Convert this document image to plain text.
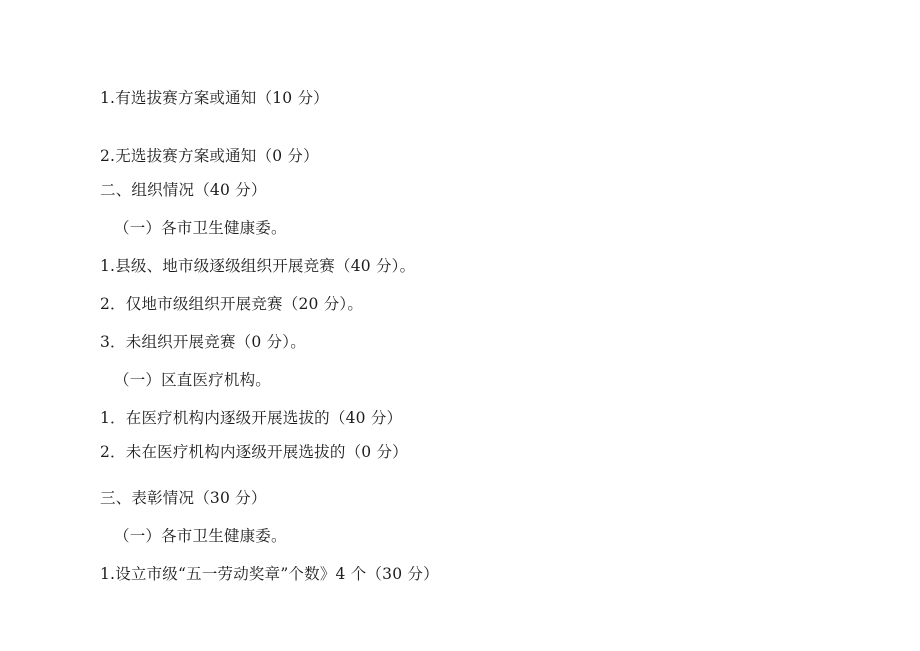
1.有选拔赛方案或通知（10 分）
2.无选拔赛方案或通知（0 分）
二、组织情况（40 分）
（一）各市卫生健康委。
1.县级、地市级逐级组织开展竞赛（40 分）。
2．仅地市级组织开展竞赛（20 分）。
3．未组织开展竞赛（0 分）。
（一）区直医疗机构。
1．在医疗机构内逐级开展选拔的（40 分）
2．未在医疗机构内逐级开展选拔的（0 分）
三、表彰情况（30 分）
（一）各市卫生健康委。
1.设立市级“五一劳动奖章”个数》4 个（30 分）
